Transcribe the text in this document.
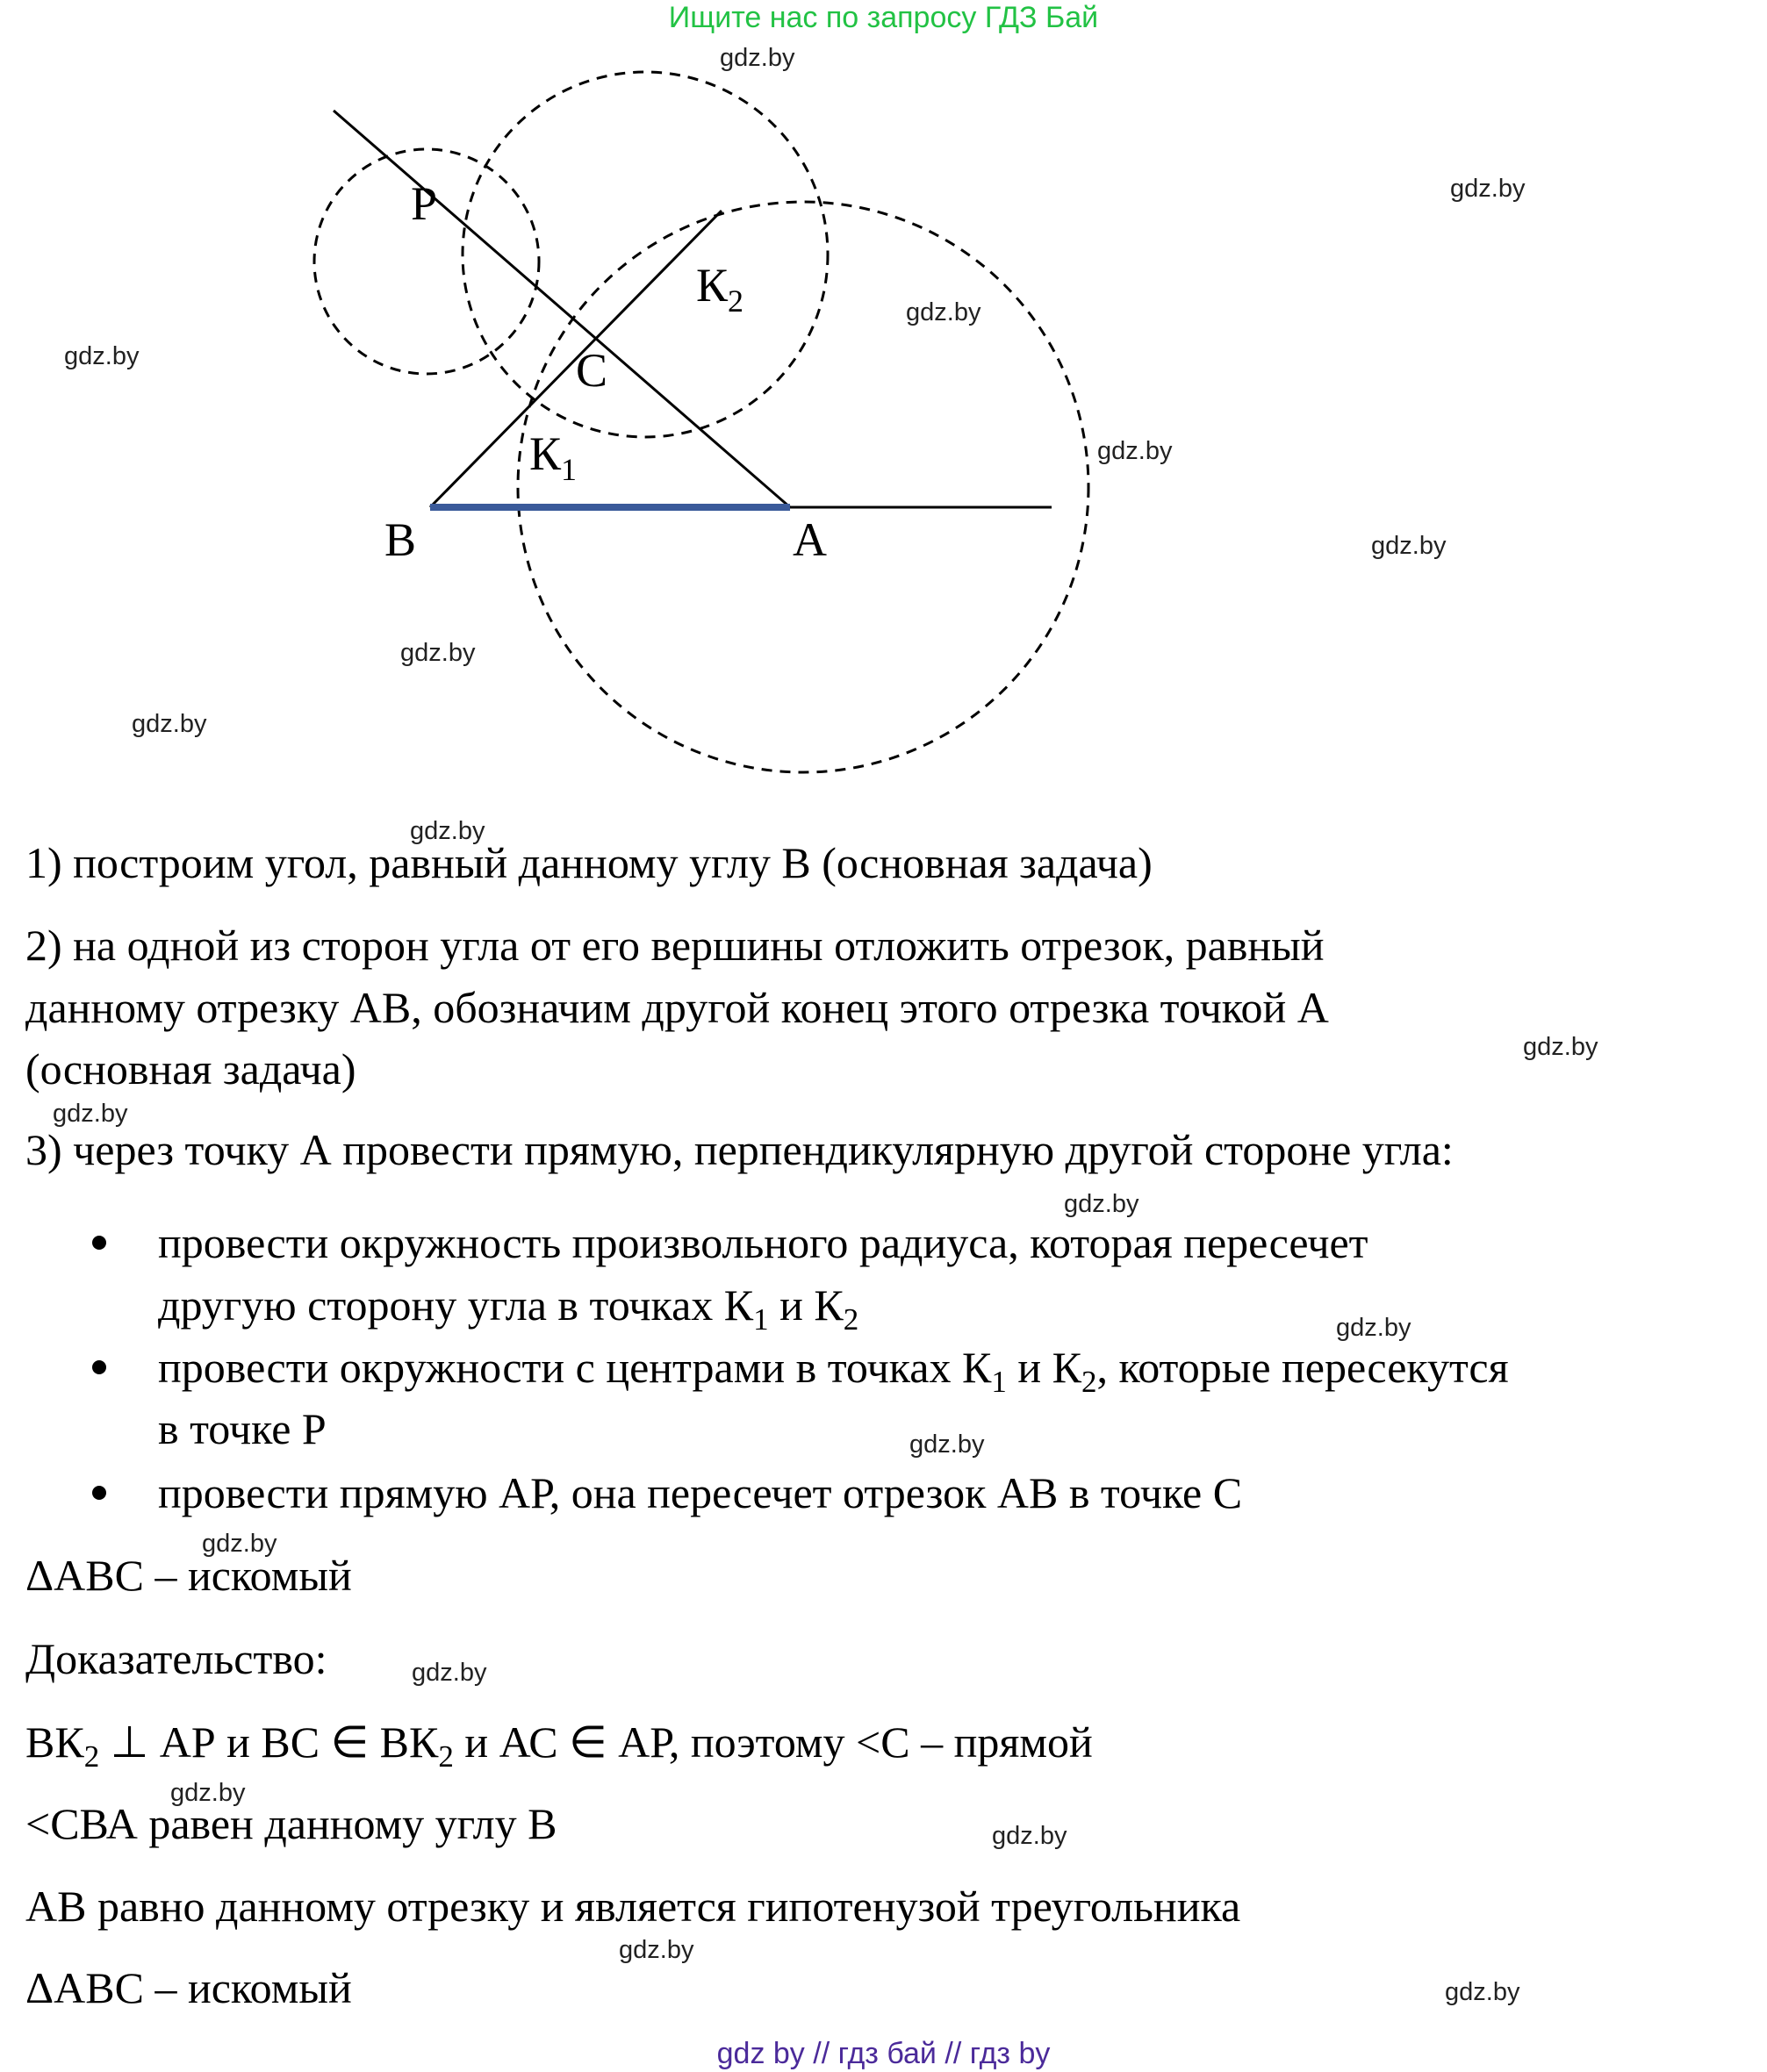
Ищите нас по запросу ГДЗ Бай
P
$К_2$
C
$К_1$
B	A
gdz.by
gdz.by
gdz.by
gdz.by
gdz.by
gdz.by
gdz.by
gdz.by
gdz.by
gdz.by
gdz.by
gdz.by
gdz.by
gdz.by
gdz.by
gdz.by
gdz.by
gdz.by
gdz.by
gdz.by
1) построим угол, равный данному углу В (основная задача)
2) на одной из сторон угла от его вершины отложить отрезок, равный
данному отрезку АВ, обозначим другой конец этого отрезка точкой А
(основная задача)
3) через точку А провести прямую, перпендикулярную другой стороне угла:
провести окружность произвольного радиуса, которая пересечет
другую сторону угла в точках $К_1$ и $К_2$
провести окружности с центрами в точках $К_1$ и $К_2$, которые пересекутся
в точке Р
провести прямую АР, она пересечет отрезок АВ в точке С
ΔАВС – искомый
Доказательство:
$ВК_2$ ⊥ АР и ВС ∈ $ВК_2$ и АС ∈ АР, поэтому <С – прямой
<СВА равен данному углу В
АВ равно данному отрезку и является гипотенузой треугольника
ΔАВС – искомый
gdz by // гдз бай // гдз by
